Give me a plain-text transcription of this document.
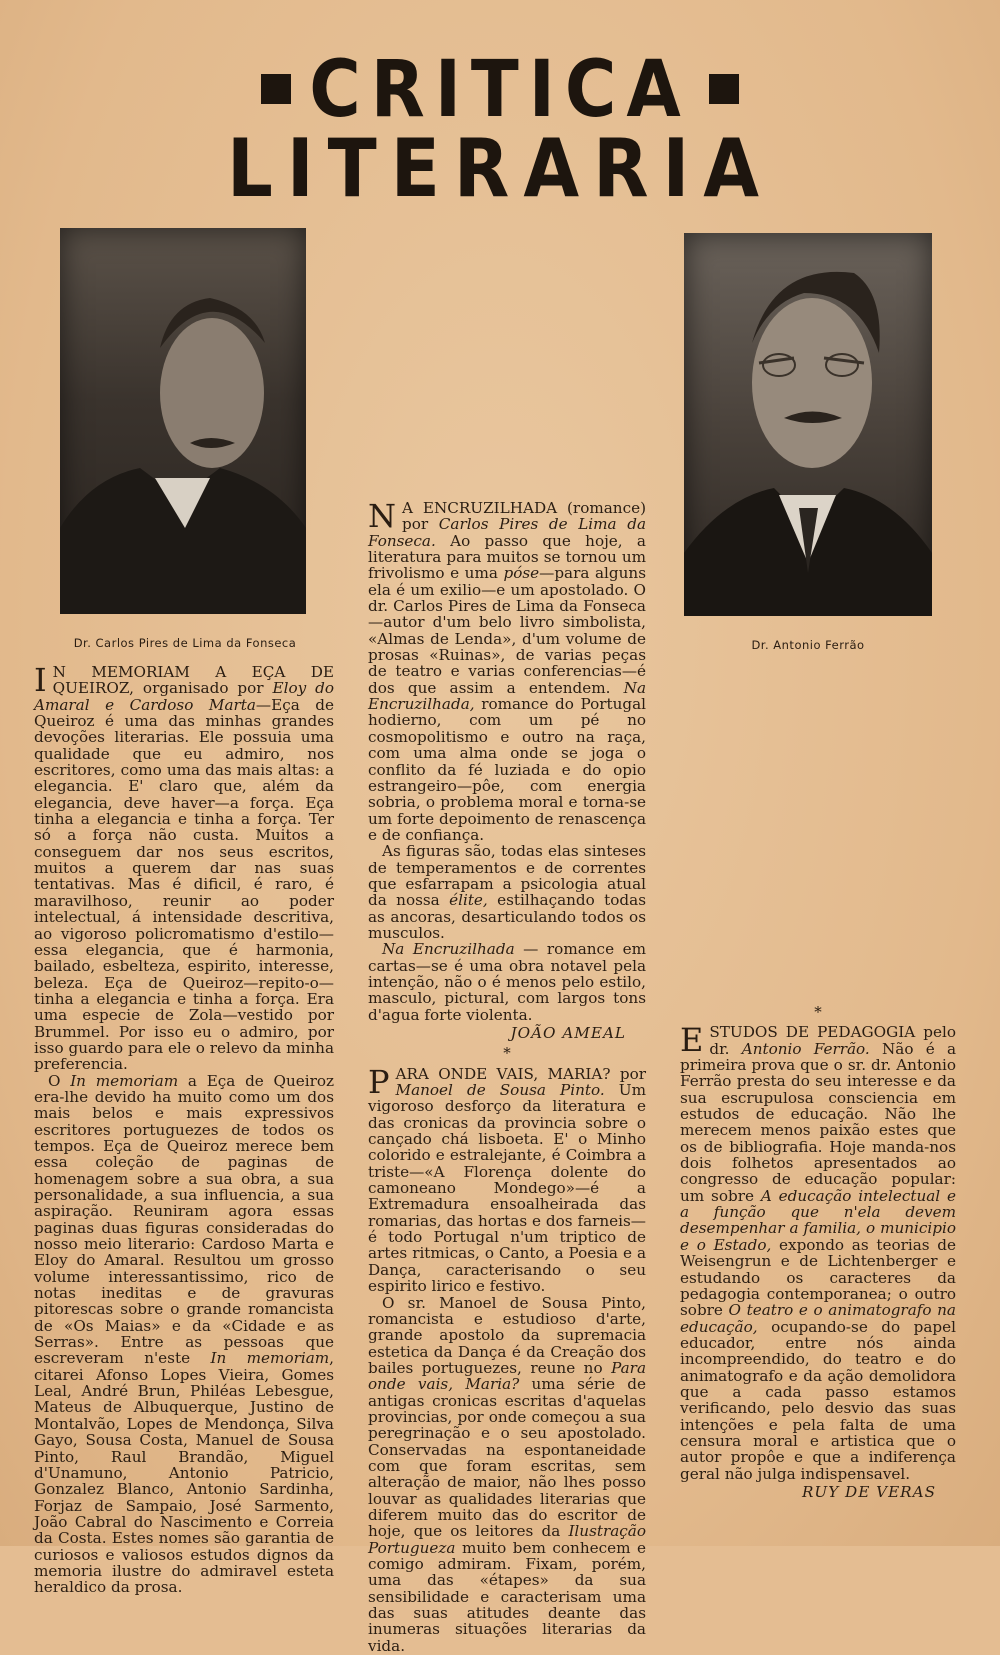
CRITICA
LITERARIA
Dr. Carlos Pires de Lima da Fonseca	Dr. Antonio Ferrão

I N MEMORIAM A EÇA DE QUEIROZ, organisado por Eloy do Amaral e Cardoso Marta—Eça de Queiroz é uma das minhas grandes devoções literarias. Ele possuia uma qualidade que eu admiro, nos escritores, como uma das mais altas: a elegancia. E' claro que, além da elegancia, deve haver—a força. Eça tinha a elegancia e tinha a força. Ter só a força não custa. Muitos a conseguem dar nos seus escritos, muitos a querem dar nas suas tentativas. Mas é dificil, é raro, é maravilhoso, reunir ao poder intelectual, á intensidade descritiva, ao vigoroso policromatismo d'estilo—essa elegancia, que é harmonia, bailado, esbelteza, espirito, interesse, beleza. Eça de Queiroz—repito-o—tinha a elegancia e tinha a força. Era uma especie de Zola—vestido por Brummel. Por isso eu o admiro, por isso guardo para ele o relevo da minha preferencia.

O In memoriam a Eça de Queiroz era-lhe devido ha muito como um dos mais belos e mais expressivos escritores portuguezes de todos os tempos. Eça de Queiroz merece bem essa coleção de paginas de homenagem sobre a sua obra, a sua personalidade, a sua influencia, a sua aspiração. Reuniram agora essas paginas duas figuras consideradas do nosso meio literario: Cardoso Marta e Eloy do Amaral. Resultou um grosso volume interessantissimo, rico de notas ineditas e de gravuras pitorescas sobre o grande romancista de «Os Maias» e da «Cidade e as Serras». Entre as pessoas que escreveram n'este In memoriam, citarei Afonso Lopes Vieira, Gomes Leal, André Brun, Philéas Lebesgue, Mateus de Albuquerque, Justino de Montalvão, Lopes de Mendonça, Silva Gayo, Sousa Costa, Manuel de Sousa Pinto, Raul Brandão, Miguel d'Unamuno, Antonio Patricio, Gonzalez Blanco, Antonio Sardinha, Forjaz de Sampaio, José Sarmento, João Cabral do Nascimento e Correia da Costa. Estes nomes são garantia de curiosos e valiosos estudos dignos da memoria ilustre do admiravel esteta heraldico da prosa.

N A ENCRUZILHADA (romance) por Carlos Pires de Lima da Fonseca. Ao passo que hoje, a literatura para muitos se tornou um frivolismo e uma póse—para alguns ela é um exilio—e um apostolado. O dr. Carlos Pires de Lima da Fonseca—autor d'um belo livro simbolista, «Almas de Lenda», d'um volume de prosas «Ruinas», de varias peças de teatro e varias conferencias—é dos que assim a entendem. Na Encruzilhada, romance do Portugal hodierno, com um pé no cosmopolitismo e outro na raça, com uma alma onde se joga o conflito da fé luziada e do opio estrangeiro—pôe, com energia sobria, o problema moral e torna-se um forte depoimento de renascença e de confiança.

As figuras são, todas elas sinteses de temperamentos e de correntes que esfarrapam a psicologia atual da nossa élite, estilhaçando todas as ancoras, desarticulando todos os musculos.

Na Encruzilhada — romance em cartas—se é uma obra notavel pela intenção, não o é menos pelo estilo, masculo, pictural, com largos tons d'agua forte violenta.

JOÃO AMEAL
*

PARA ONDE VAIS, MARIA? por Manoel de Sousa Pinto. Um vigoroso desforço da literatura e das cronicas da provincia sobre o cançado chá lisboeta. E' o Minho colorido e estralejante, é Coimbra a triste—«A Florença dolente do camoneano Mondego»—é a Extremadura ensoalheirada das romarias, das hortas e dos farneis—é todo Portugal n'um triptico de artes ritmicas, o Canto, a Poesia e a Dança, caracterisando o seu espirito lirico e festivo.

O sr. Manoel de Sousa Pinto, romancista e estudioso d'arte, grande apostolo da supremacia estetica da Dança é da Creação dos bailes portuguezes, reune no Para onde vais, Maria? uma série de antigas cronicas escritas d'aquelas provincias, por onde começou a sua peregrinação e o seu apostolado. Conservadas na espontaneidade com que foram escritas, sem alteração de maior, não lhes posso louvar as qualidades literarias que diferem muito das do escritor de hoje, que os leitores da Ilustração Portugueza muito bem conhecem e comigo admiram. Fixam, porém, uma das «étapes» da sua sensibilidade e caracterisam uma das suas atitudes deante das inumeras situações literarias da vida.

*

ESTUDOS DE PEDAGOGIA pelo dr. Antonio Ferrão. Não é a primeira prova que o sr. dr. Antonio Ferrão presta do seu interesse e da sua escrupulosa consciencia em estudos de educação. Não lhe merecem menos paixão estes que os de bibliografia. Hoje manda-nos dois folhetos apresentados ao congresso de educação popular: um sobre A educação intelectual e a função que n'ela devem desempenhar a familia, o municipio e o Estado, expondo as teorias de Weisengrun e de Lichtenberger e estudando os caracteres da pedagogia contemporanea; o outro sobre O teatro e o animatografo na educação, ocupando-se do papel educador, entre nós ainda incompreendido, do teatro e do animatografo e da ação demolidora que a cada passo estamos verificando, pelo desvio das suas intenções e pela falta de uma censura moral e artistica que o autor propôe e que a indiferença geral não julga indispensavel.

RUY DE VERAS
